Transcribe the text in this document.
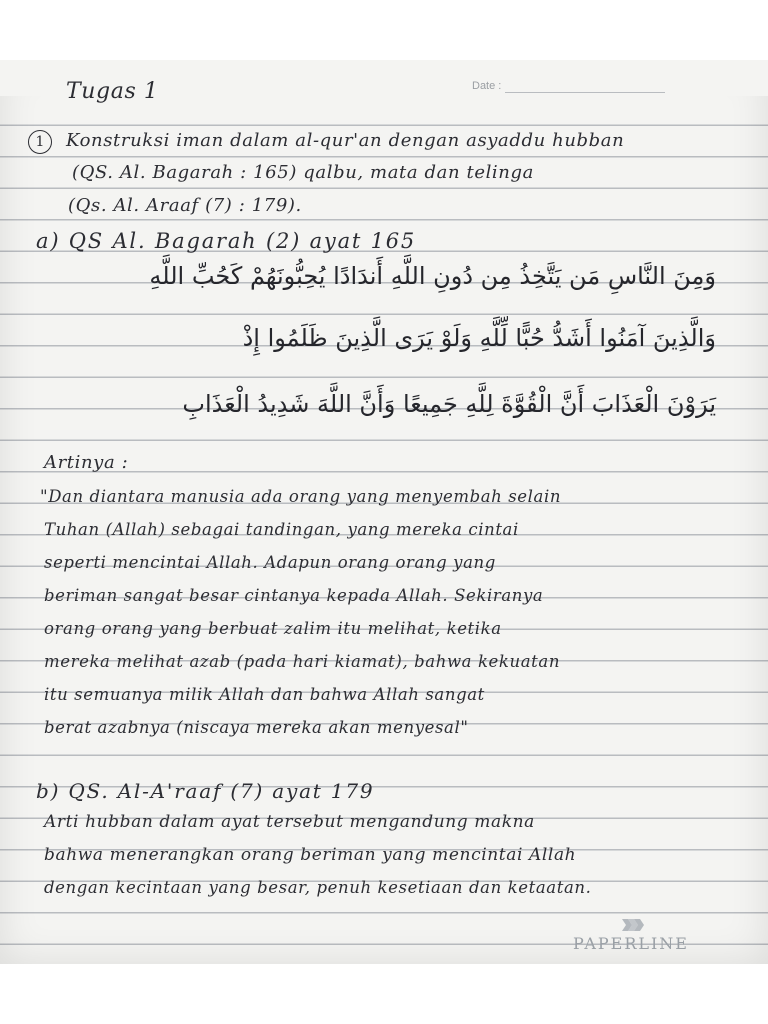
Date :
Tugas 1
1	Konstruksi iman dalam al-qur'an dengan asyaddu hubban
(QS. Al. Bagarah : 165) qalbu, mata dan telinga
(Qs. Al. Araaf (7) : 179).
a) QS Al. Bagarah (2) ayat 165
وَمِنَ النَّاسِ مَن يَتَّخِذُ مِن دُونِ اللَّهِ أَندَادًا يُحِبُّونَهُمْ كَحُبِّ اللَّهِ
وَالَّذِينَ آمَنُوا أَشَدُّ حُبًّا لِّلَّهِ وَلَوْ يَرَى الَّذِينَ ظَلَمُوا إِذْ
يَرَوْنَ الْعَذَابَ أَنَّ الْقُوَّةَ لِلَّهِ جَمِيعًا وَأَنَّ اللَّهَ شَدِيدُ الْعَذَابِ
Artinya :
"Dan diantara manusia ada orang yang menyembah selain
Tuhan (Allah) sebagai tandingan, yang mereka cintai
seperti mencintai Allah. Adapun orang orang yang
beriman sangat besar cintanya kepada Allah. Sekiranya
orang orang yang berbuat zalim itu melihat, ketika
mereka melihat azab (pada hari kiamat), bahwa kekuatan
itu semuanya milik Allah dan bahwa Allah sangat
berat azabnya (niscaya mereka akan menyesal"
b) QS. Al-A'raaf (7) ayat 179
Arti hubban dalam ayat tersebut mengandung makna
bahwa menerangkan orang beriman yang mencintai Allah
dengan kecintaan yang besar, penuh kesetiaan dan ketaatan.
PAPERLINE
